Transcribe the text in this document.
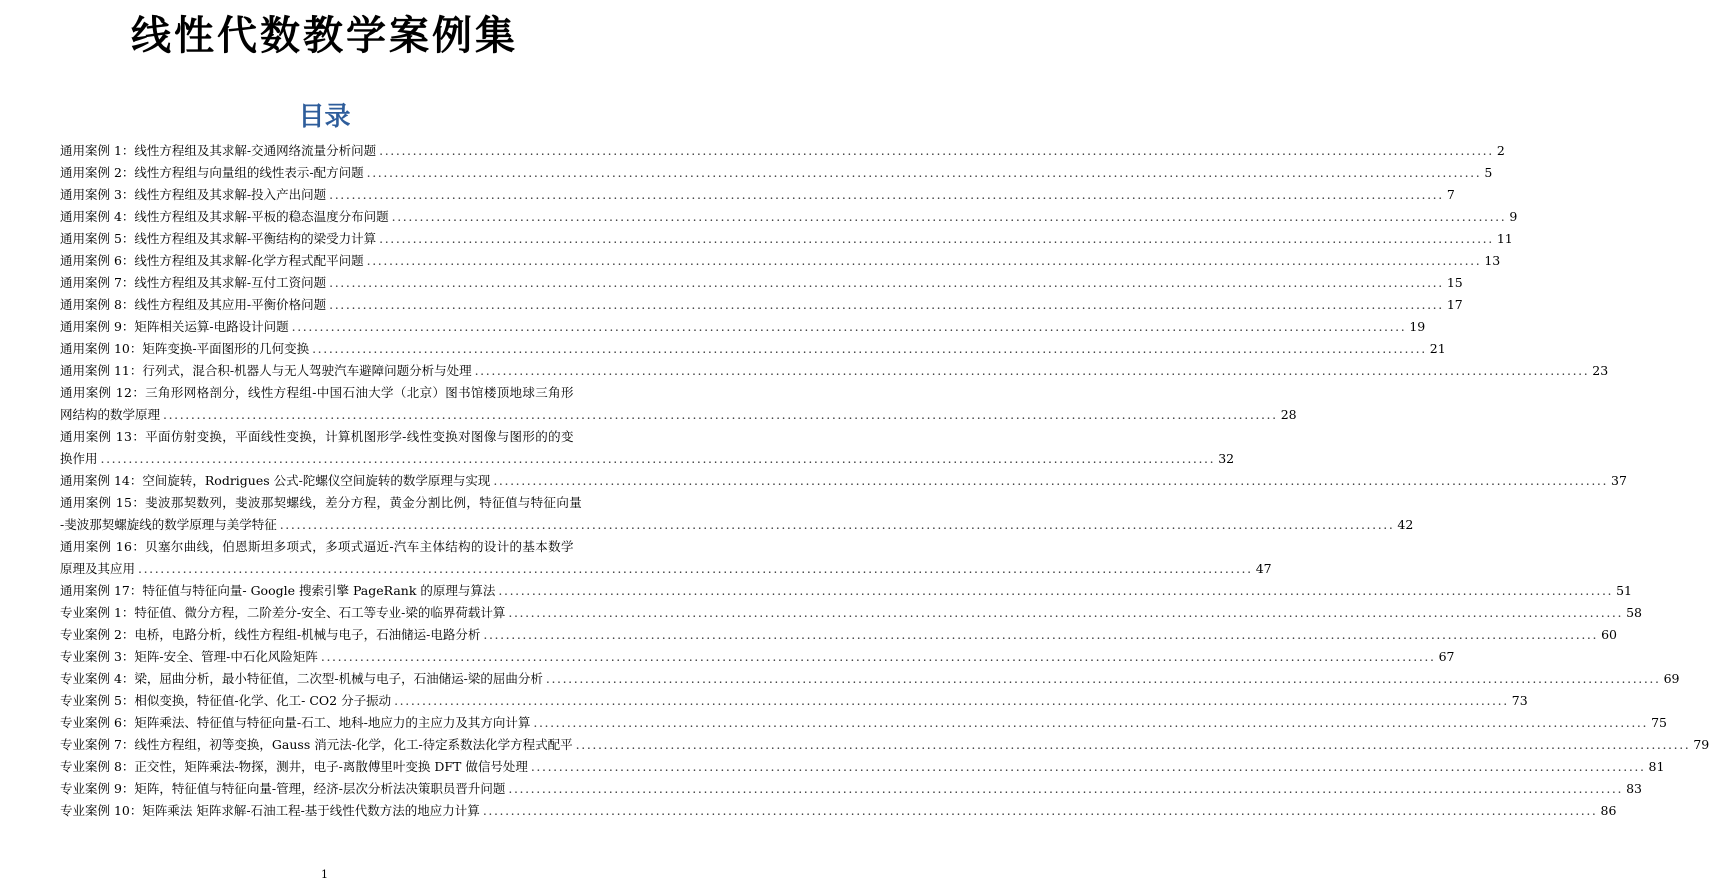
线性代数教学案例集
目录
通用案例 1：线性方程组及其求解-交通网络流量分析问题 .....	2
通用案例 2：线性方程组与向量组的线性表示-配方问题 .....	5
通用案例 3：线性方程组及其求解-投入产出问题 .....	7
通用案例 4：线性方程组及其求解-平板的稳态温度分布问题 .....	9
通用案例 5：线性方程组及其求解-平衡结构的梁受力计算 .....	11
通用案例 6：线性方程组及其求解-化学方程式配平问题 .....	13
通用案例 7：线性方程组及其求解-互付工资问题 .....	15
通用案例 8：线性方程组及其应用-平衡价格问题 .....	17
通用案例 9：矩阵相关运算-电路设计问题 .....	19
通用案例 10：矩阵变换-平面图形的几何变换 .....	21
通用案例 11：行列式，混合积-机器人与无人驾驶汽车避障问题分析与处理 .....	23
通用案例 12：三角形网格剖分，线性方程组-中国石油大学（北京）图书馆楼顶地球三角形
网结构的数学原理 .....	28
通用案例 13：平面仿射变换，平面线性变换，计算机图形学-线性变换对图像与图形的的变
换作用 .....	32
通用案例 14：空间旋转，Rodrigues 公式-陀螺仪空间旋转的数学原理与实现 .....	37
通用案例 15：斐波那契数列，斐波那契螺线，差分方程，黄金分割比例，特征值与特征向量
-斐波那契螺旋线的数学原理与美学特征 .....	42
通用案例 16：贝塞尔曲线，伯恩斯坦多项式，多项式逼近-汽车主体结构的设计的基本数学
原理及其应用 .....	47
通用案例 17：特征值与特征向量- Google 搜索引擎 PageRank 的原理与算法 .....	51
专业案例 1：特征值、微分方程，二阶差分-安全、石工等专业-梁的临界荷载计算 .....	58
专业案例 2：电桥，电路分析，线性方程组-机械与电子，石油储运-电路分析 .....	60
专业案例 3：矩阵-安全、管理-中石化风险矩阵 .....	67
专业案例 4：梁，屈曲分析，最小特征值，二次型-机械与电子，石油储运-梁的屈曲分析 .....	69
专业案例 5：相似变换，特征值-化学、化工- CO2 分子振动 .....	73
专业案例 6：矩阵乘法、特征值与特征向量-石工、地科-地应力的主应力及其方向计算 .....	75
专业案例 7：线性方程组，初等变换，Gauss 消元法-化学，化工-待定系数法化学方程式配平 .....	79
专业案例 8：正交性，矩阵乘法-物探，测井，电子-离散傅里叶变换 DFT 做信号处理 .....	81
专业案例 9：矩阵，特征值与特征向量-管理，经济-层次分析法决策职员晋升问题 .....	83
专业案例 10：矩阵乘法 矩阵求解-石油工程-基于线性代数方法的地应力计算 .....	86
1
